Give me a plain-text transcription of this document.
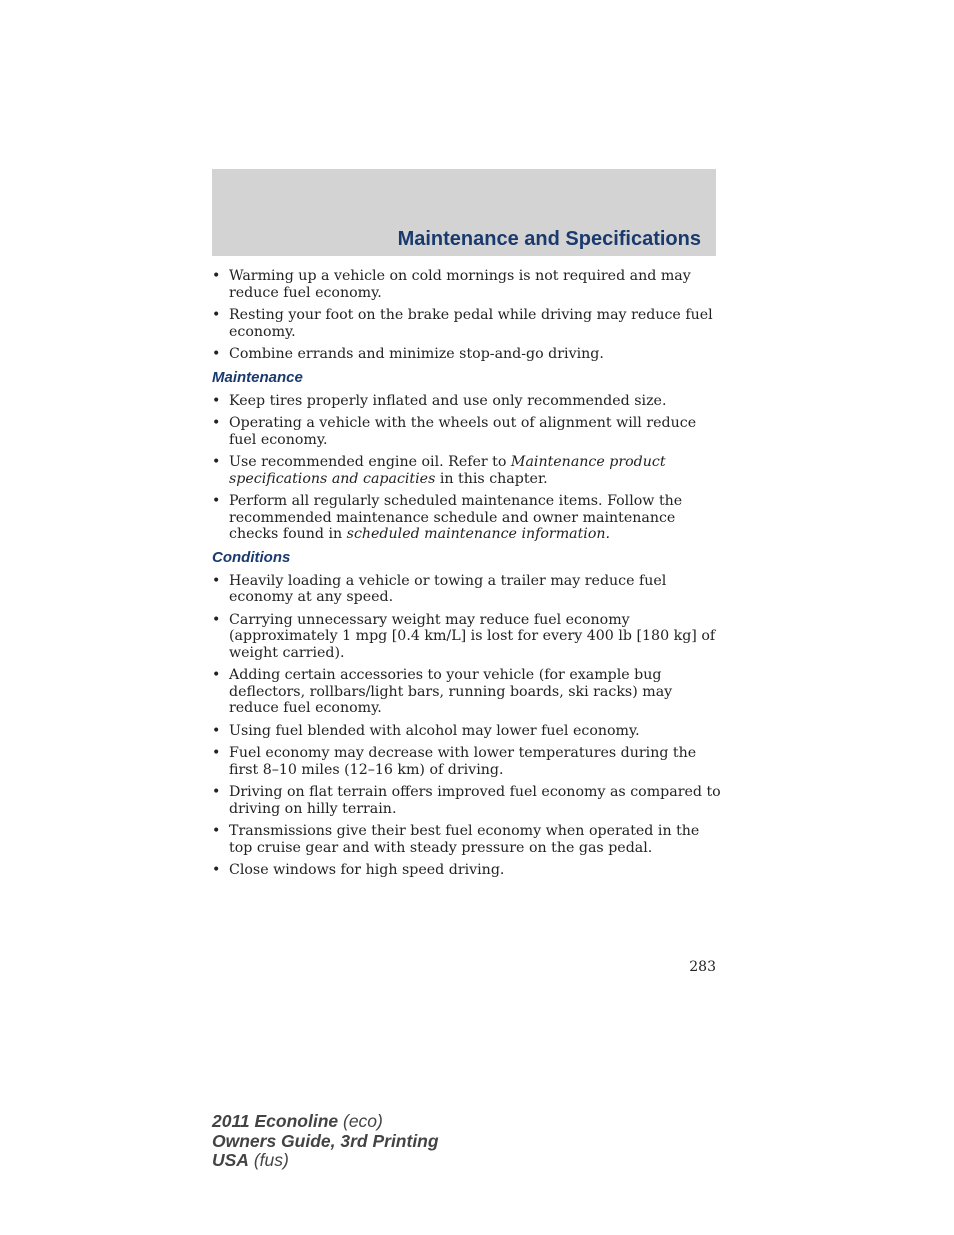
Maintenance and Specifications
• Warming up a vehicle on cold mornings is not required and may reduce fuel economy.
• Resting your foot on the brake pedal while driving may reduce fuel economy.
• Combine errands and minimize stop-and-go driving.
Maintenance
• Keep tires properly inflated and use only recommended size.
• Operating a vehicle with the wheels out of alignment will reduce fuel economy.
• Use recommended engine oil. Refer to Maintenance product specifications and capacities in this chapter.
• Perform all regularly scheduled maintenance items. Follow the recommended maintenance schedule and owner maintenance checks found in scheduled maintenance information.
Conditions
• Heavily loading a vehicle or towing a trailer may reduce fuel economy at any speed.
• Carrying unnecessary weight may reduce fuel economy (approximately 1 mpg [0.4 km/L] is lost for every 400 lb [180 kg] of weight carried).
• Adding certain accessories to your vehicle (for example bug deflectors, rollbars/light bars, running boards, ski racks) may reduce fuel economy.
• Using fuel blended with alcohol may lower fuel economy.
• Fuel economy may decrease with lower temperatures during the first 8–10 miles (12–16 km) of driving.
• Driving on flat terrain offers improved fuel economy as compared to driving on hilly terrain.
• Transmissions give their best fuel economy when operated in the top cruise gear and with steady pressure on the gas pedal.
• Close windows for high speed driving.
283
2011 Econoline (eco)
Owners Guide, 3rd Printing
USA (fus)
